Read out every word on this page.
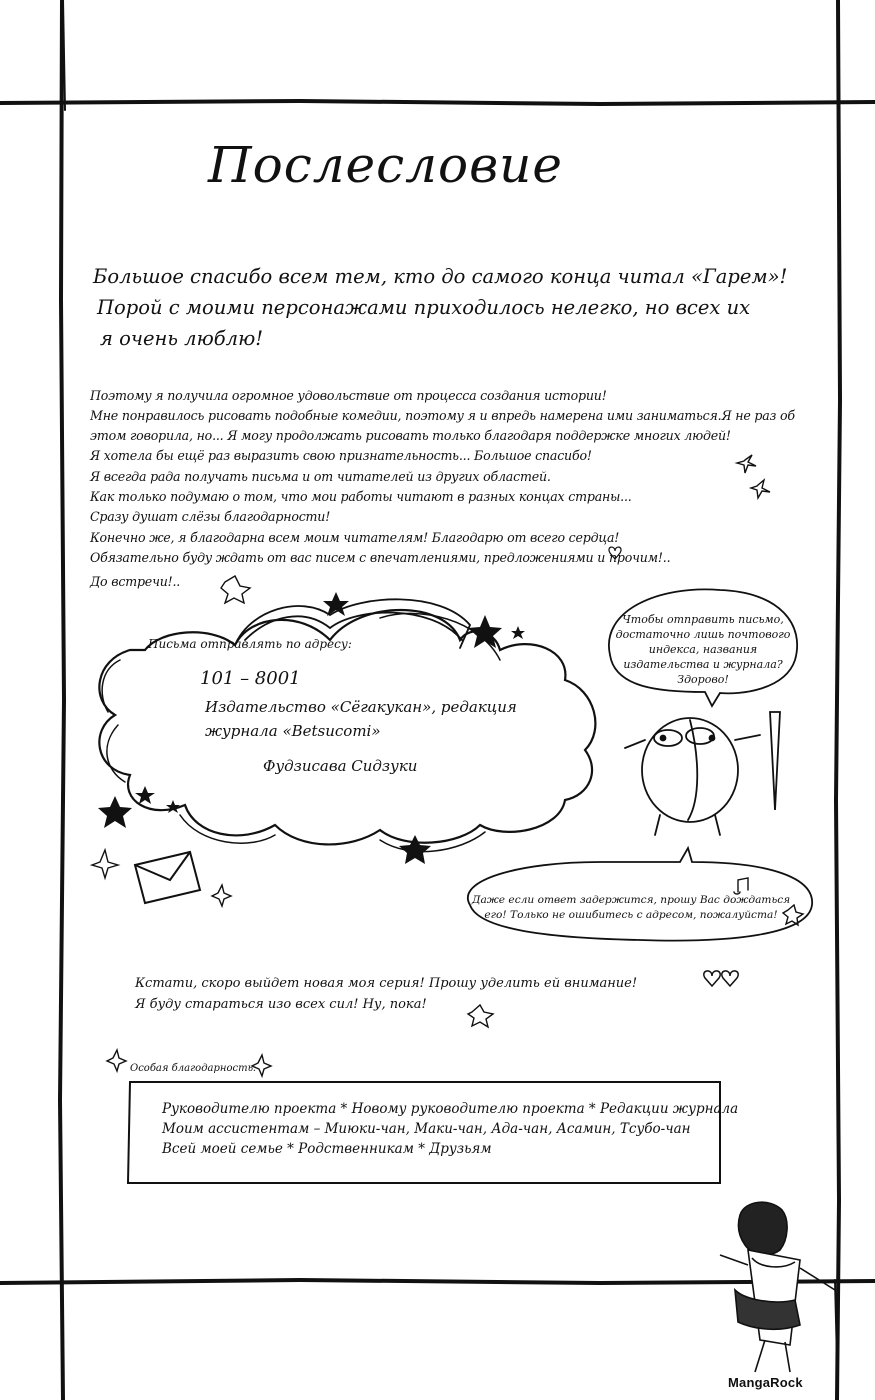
Послесловие
Большое спасибо всем тем, кто до самого конца читал «Гарем»!
Порой с моими персонажами приходилось нелегко, но всех их
я очень люблю!
Поэтому я получила огромное удовольствие от процесса создания истории!
Мне понравилось рисовать подобные комедии, поэтому я и впредь намерена ими заниматься.Я не раз об
этом говорила, но... Я могу продолжать рисовать только благодаря поддержке многих людей!
Я хотела бы ещё раз выразить свою признательность... Большое спасибо!
Я всегда рада получать письма и от читателей из других областей.
Как только подумаю о том, что мои работы читают в разных концах страны...
Сразу душат слёзы благодарности!
Конечно же, я благодарна всем моим читателям! Благодарю от всего сердца!
Обязательно буду ждать от вас писем с впечатлениями, предложениями и прочим!..
До встречи!..
Письма отправлять по адресу:
101 – 8001
Издательство «Сёгакукан», редакция
журнала «Betsucomi»
Фудзисава Сидзуки
Чтобы отправить письмо,
достаточно лишь почтового
индекса, названия
издательства и журнала?
Здорово!
Даже если ответ задержится, прошу Вас дождаться
его! Только не ошибитесь с адресом, пожалуйста!
Кстати, скоро выйдет новая моя серия! Прошу уделить ей внимание!
Я буду стараться изо всех сил! Ну, пока!
Особая благодарность:
Руководителю проекта * Новому руководителю проекта * Редакции журнала
Моим ассистентам – Миюки-чан, Маки-чан, Ада-чан, Асамин, Тсубо-чан
Всей моей семье * Родственникам * Друзьям
MangaRock
